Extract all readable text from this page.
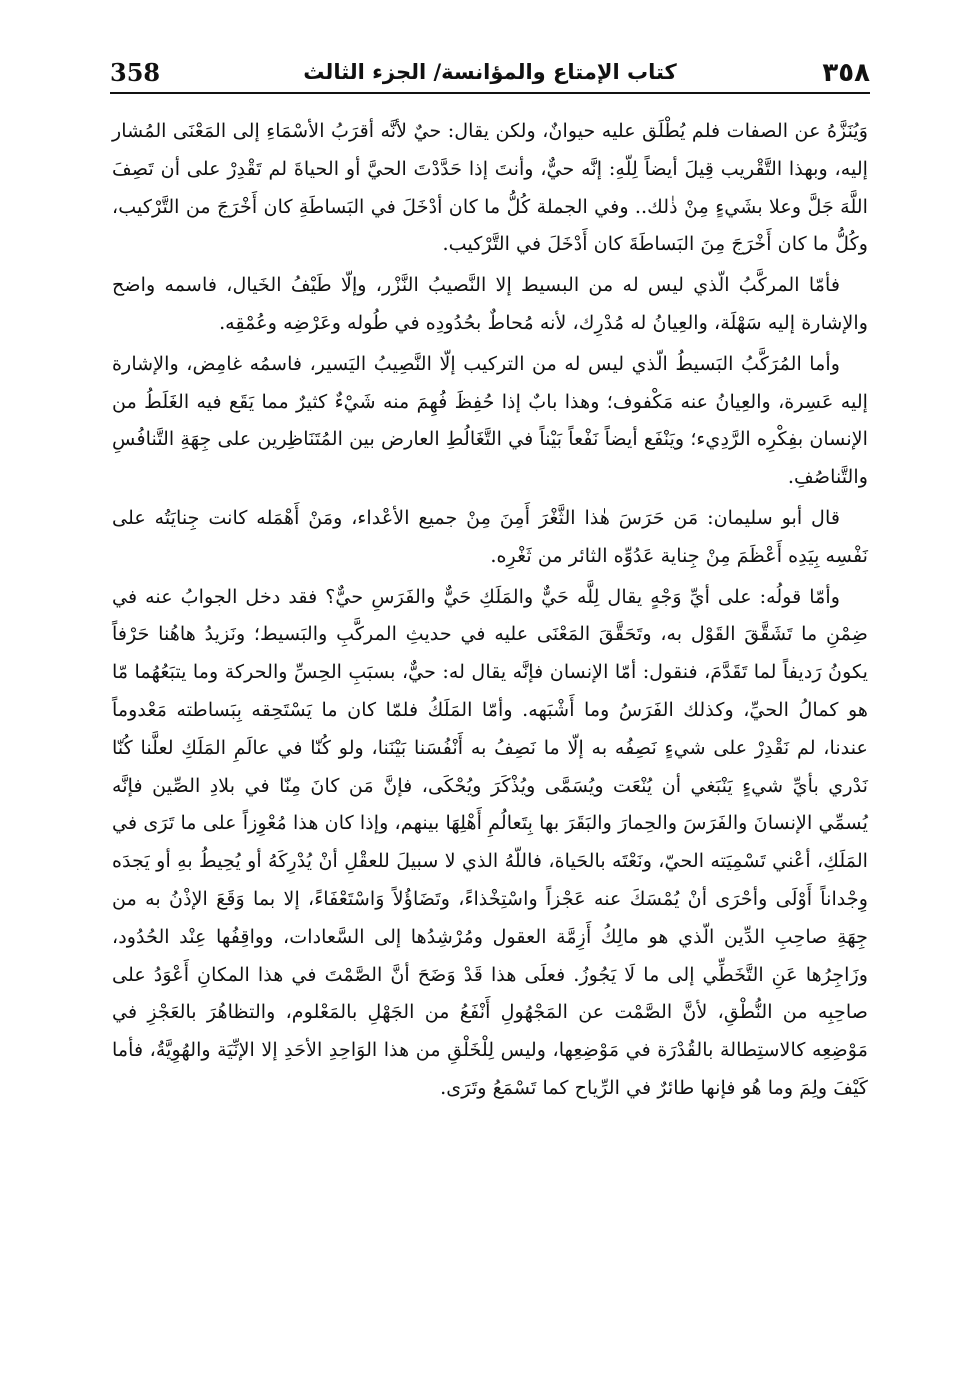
٣٥٨
كتاب الإمتاع والمؤانسة/ الجزء الثالث
358

وَيُنَزَّهُ عن الصفات فلم يُطْلَق عليه حيوانٌ، ولكن يقال: حيٌ لأنَّه أقرَبُ الأسْمَاءِ إلى المَعْنَى المُشار إليه، وبهذا التَّقْريب قِيلَ أيضاً لِلّهِ: إنَّه حيٌّ، وأنتَ إذا حَدَّدْتَ الحيَّ أو الحياةَ لم تَقْدِرْ على أن تَصِفَ اللَّهَ جَلَّ وعلا بشَيءٍ مِنْ ذٰلك.. وفي الجملة كُلُّ ما كان أدْخَلَ في البَساطَةِ كان أَخْرَجَ من التَّرْكيب، وكُلُّ ما كان أَخْرَجَ مِنَ البَساطَةَ كان أَدْخَلَ في التَّرْكيب.

فأمّا المركَّبُ الّذي ليس له من البسيط إلا النَّصيبُ النَّزْر، وإلّا طَيْفُ الخَيال، فاسمه واضح والإشارة إليه سَهْلَة، والعِيانُ له مُدْرِك، لأنه مُحاطٌ بحُدُودِه في طُوله وعَرْضِه وعُمْقِه.

وأما المُرَكَّبُ البَسيطُ الّذي ليس له من التركيب إلّا النَّصِيبُ اليَسير، فاسمُه غامِض، والإشارة إليه عَسِرة، والعِيانُ عنه مَكْفوف؛ وهذا بابٌ إذا حُفِظَ فُهِمَ منه شَيْءٌ كثيرٌ مما يَقَع فيه الغَلَطُ من الإنسان بفِكْرِه الرَّدِيء؛ ويَنْفَع أيضاً نَفْعاً بَيْناً في التَّغَالُطِ العارض بين المُتَنَاظِرين على جِهَةِ التَّنافُسِ والتَّناصُفِ.

قال أبو سليمان: مَن حَرَسَ هٰذا الثَّغْرَ أَمِنَ مِنْ جميع الأعْداء، ومَنْ أَهْمَله كانت جِنايَتُه على نَفْسِه بِيَدِه أَعْظَمَ مِنْ جِناية عَدُوِّه الثائر من ثَغْرِه.

وأمّا قولُه: على أيِّ وَجْهٍ يقال لِلَّه حَيٌّ والمَلَكِ حَيٌّ والفَرَسِ حيٌّ؟ فقد دخل الجوابُ عنه في ضِمْنِ ما تَشَقَّقَ القَوْل به، وتَحَقَّقَ المَعْنَى عليه في حديثِ المركَّبِ والبَسيط؛ ونَزيدُ هاهُنا حَرْفاً يكونُ رَديفاً لما تَقَدَّمَ، فنقول: أمّا الإنسان فإنَّه يقال له: حيٌّ، بسبَبِ الحِسِّ والحركة وما يتبَعُهُما مّا هو كمالُ الحيِّ، وكذلك الفَرَسُ وما أَشْبَهه. وأمّا المَلَكُ فلمّا كان ما يَسْتَحِقه بِبَساطته مَعْدوماً عندنا، لم نَقْدِرْ على شيءٍ نَصِفُه به إلّا ما نَصِفُ به أَنْفُسَنا بَيْنَنا، ولو كُنّا في عالَمِ المَلَكِ لعلَّنا كُنّا نَدْري بأيِّ شيءٍ يَنْبَغي أن يُنْعَت ويُسَمَّى ويُذْكَرَ ويُحْكَى، فإنَّ مَن كانَ مِنّا في بلادِ الصِّين فإنَّه يُسمِّي الإنسانَ والفَرَسَ والحِمارَ والبَقَرَ بها بِتَعالُمِ أَهْلِهَا بينهم، وإذا كان هذا مُعْوِزاً على ما تَرَى في المَلَكِ، أعْني تَسْمِيَته الحيّ، ونَعْتَه بالحَياة، فاللّهُ الذي لا سبيلَ للعقْلِ أنْ يُدْرِكَهُ أو يُحِيطُ بهِ أو يَجدَه وِجْداناً أَوْلَى وأحْرَى أنْ يُمْسَكَ عنه عَجْزاً واسْتِخْذاءً، وتَضَاؤُلاً وَاسْتَعْفَاءً، إلا بما وَقَعَ الإذْنُ به من جِهَةِ صاحِبِ الدِّين الّذي هو مالِكُ أَزِمَّة العقول ومُرْشِدُها إلى السَّعادات، وواقِفُها عِنْد الحُدُود، وزَاجِرُها عَنِ التَّخَطِّي إلى ما لَا يَجُوزُ. فعلَى هذا قَدْ وَضَحَ أنَّ الصَّمْتَ في هذا المكانِ أَعْوَدُ على صاحِبِه من النُّطْقِ، لأنَّ الصَّمْت عن المَجْهُولِ أَنْفَعُ من الجَهْلِ بالمَعْلوم، والتظاهُرَ بالعَجْزِ في مَوْضِعِه كالاستِطالة بالقُدْرَة في مَوْضِعِها، وليس لِلْخَلْقِ من هذا الوَاحِدِ الأحَدِ إلا الإنِّيَة والهُوِيَّةُ، فأما كَيْفَ ولِمَ وما هُو فإنها طائرٌ في الرِّياح كما تَسْمَعُ وتَرَى.
